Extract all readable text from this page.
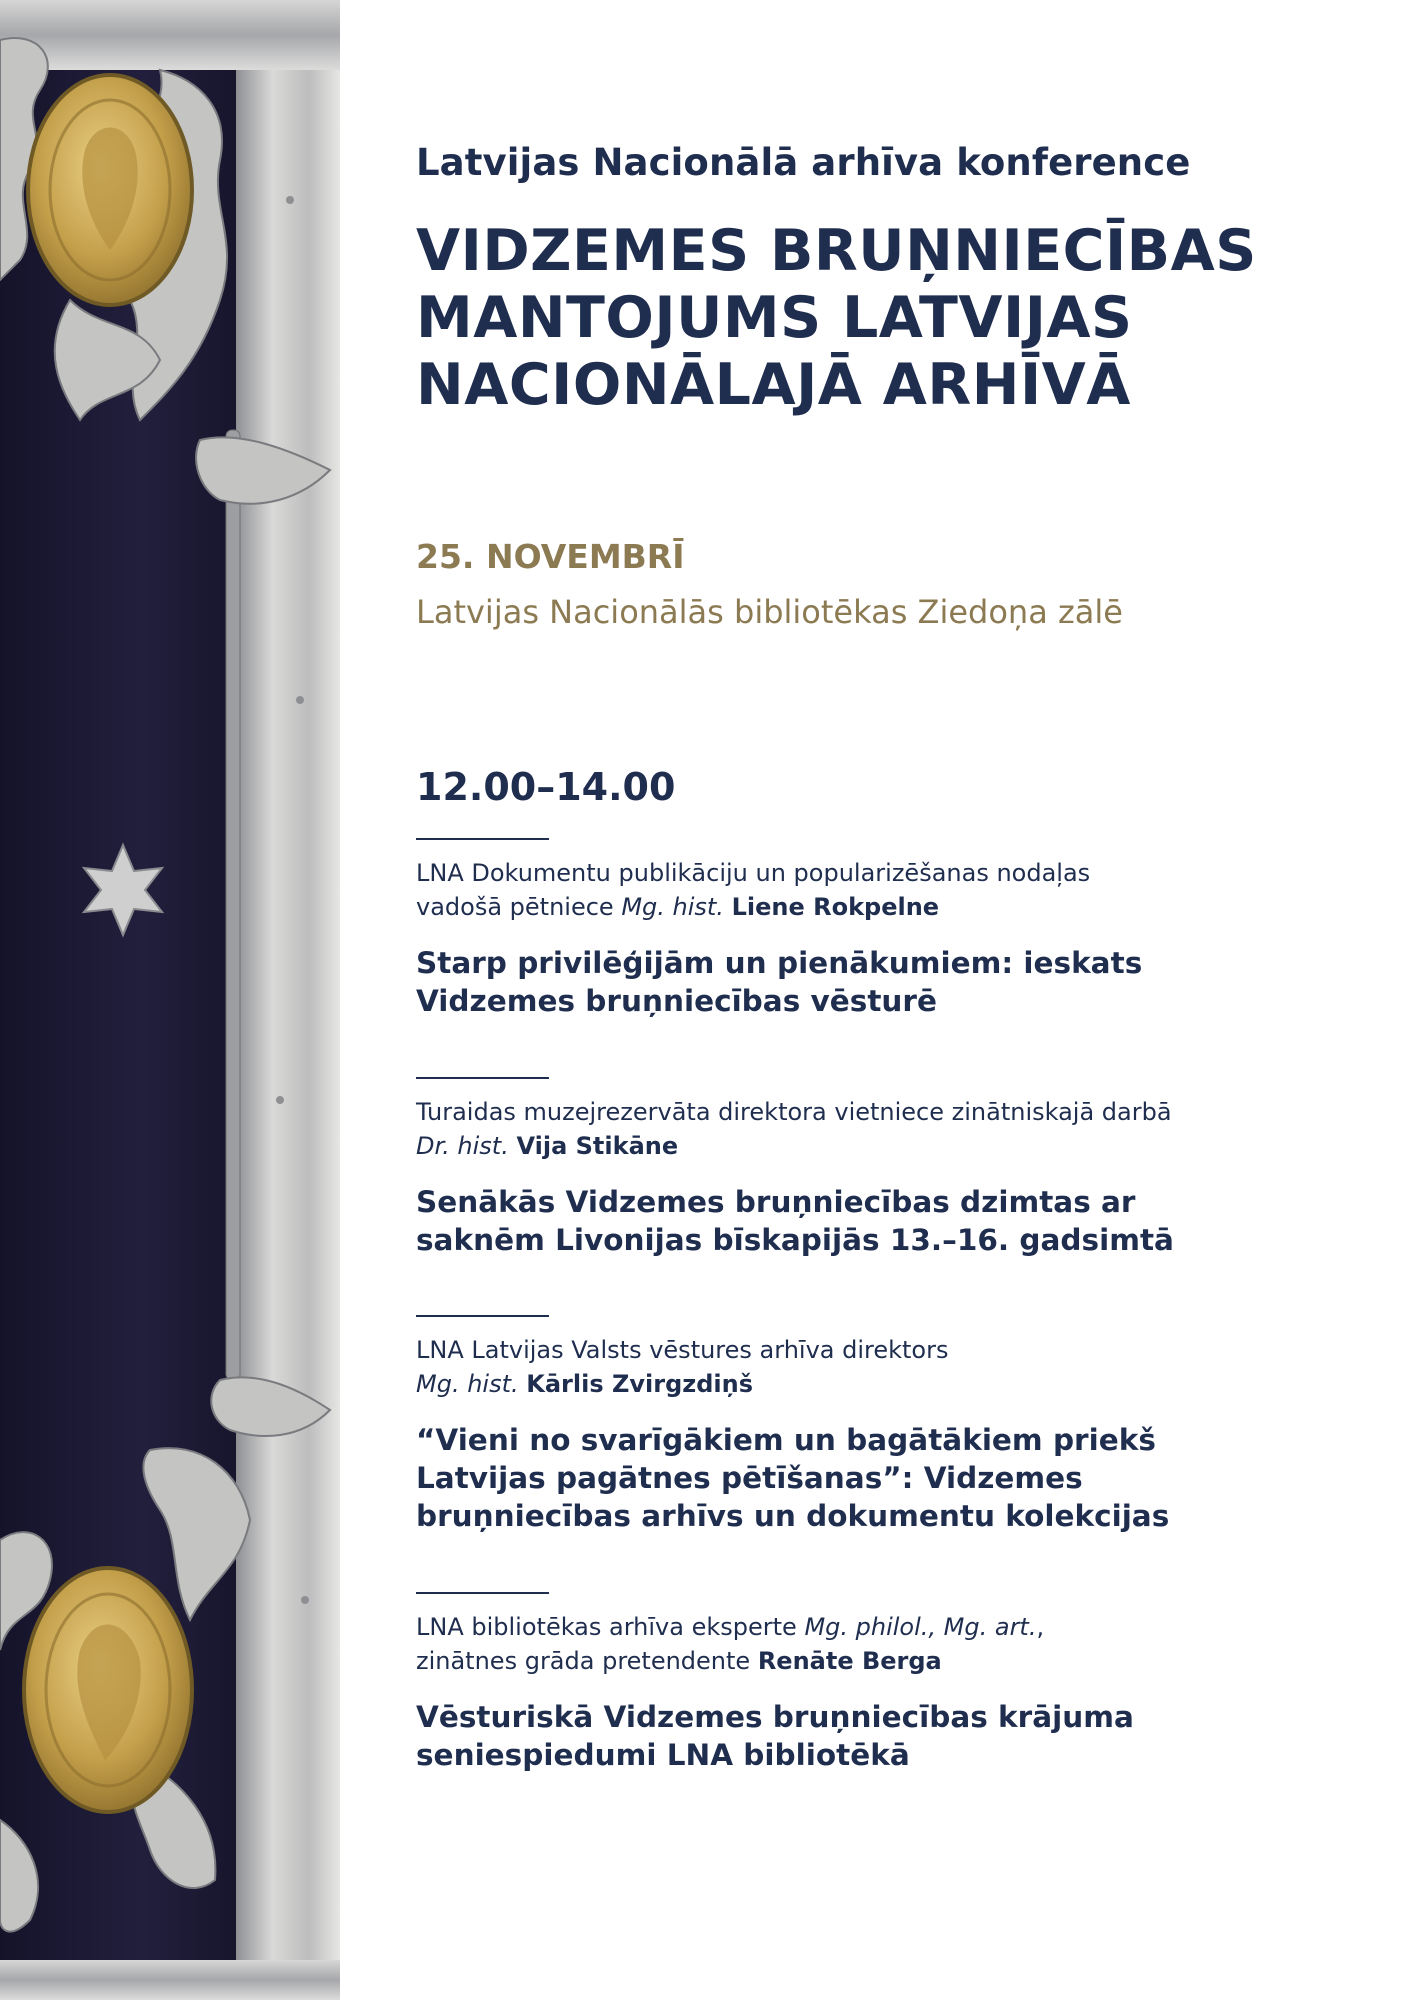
Latvijas Nacionālā arhīva konference
VIDZEMES BRUŅNIECĪBAS
MANTOJUMS LATVIJAS
NACIONĀLAJĀ ARHĪVĀ
25. NOVEMBRĪ
Latvijas Nacionālās bibliotēkas Ziedoņa zālē
12.00–14.00
LNA Dokumentu publikāciju un popularizēšanas nodaļas
vadošā pētniece Mg. hist. Liene Rokpelne
Starp privilēģijām un pienākumiem: ieskats
Vidzemes bruņniecības vēsturē
Turaidas muzejrezervāta direktora vietniece zinātniskajā darbā
Dr. hist. Vija Stikāne
Senākās Vidzemes bruņniecības dzimtas ar
saknēm Livonijas bīskapijās 13.–16. gadsimtā
LNA Latvijas Valsts vēstures arhīva direktors
Mg. hist. Kārlis Zvirgzdiņš
“Vieni no svarīgākiem un bagātākiem priekš
Latvijas pagātnes pētīšanas”: Vidzemes
bruņniecības arhīvs un dokumentu kolekcijas
LNA bibliotēkas arhīva eksperte Mg. philol., Mg. art.,
zinātnes grāda pretendente Renāte Berga
Vēsturiskā Vidzemes bruņniecības krājuma
seniespiedumi LNA bibliotēkā
